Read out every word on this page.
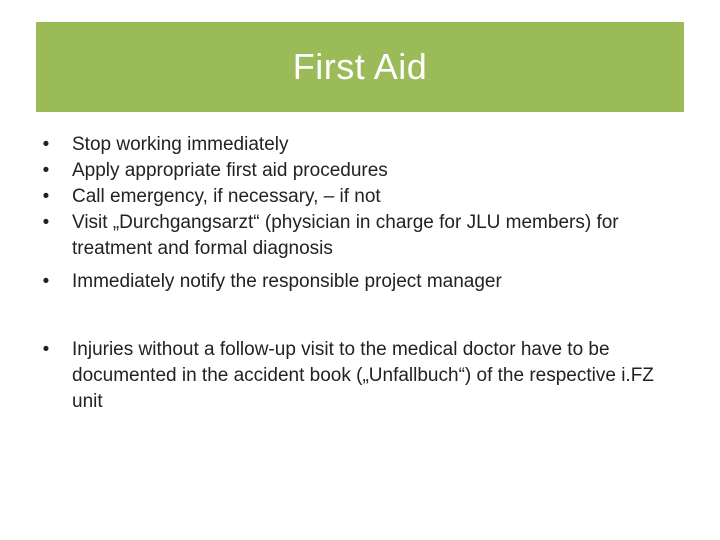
First Aid
•	Stop working immediately
•	Apply appropriate first aid procedures
•	Call emergency, if necessary, – if not
•	Visit „Durchgangsarzt“ (physician in charge for JLU members) for treatment and formal diagnosis
•	Immediately notify the responsible project manager
•	Injuries without a follow-up visit to the medical doctor have to be documented in the accident book („Unfallbuch“) of the respective i.FZ unit
